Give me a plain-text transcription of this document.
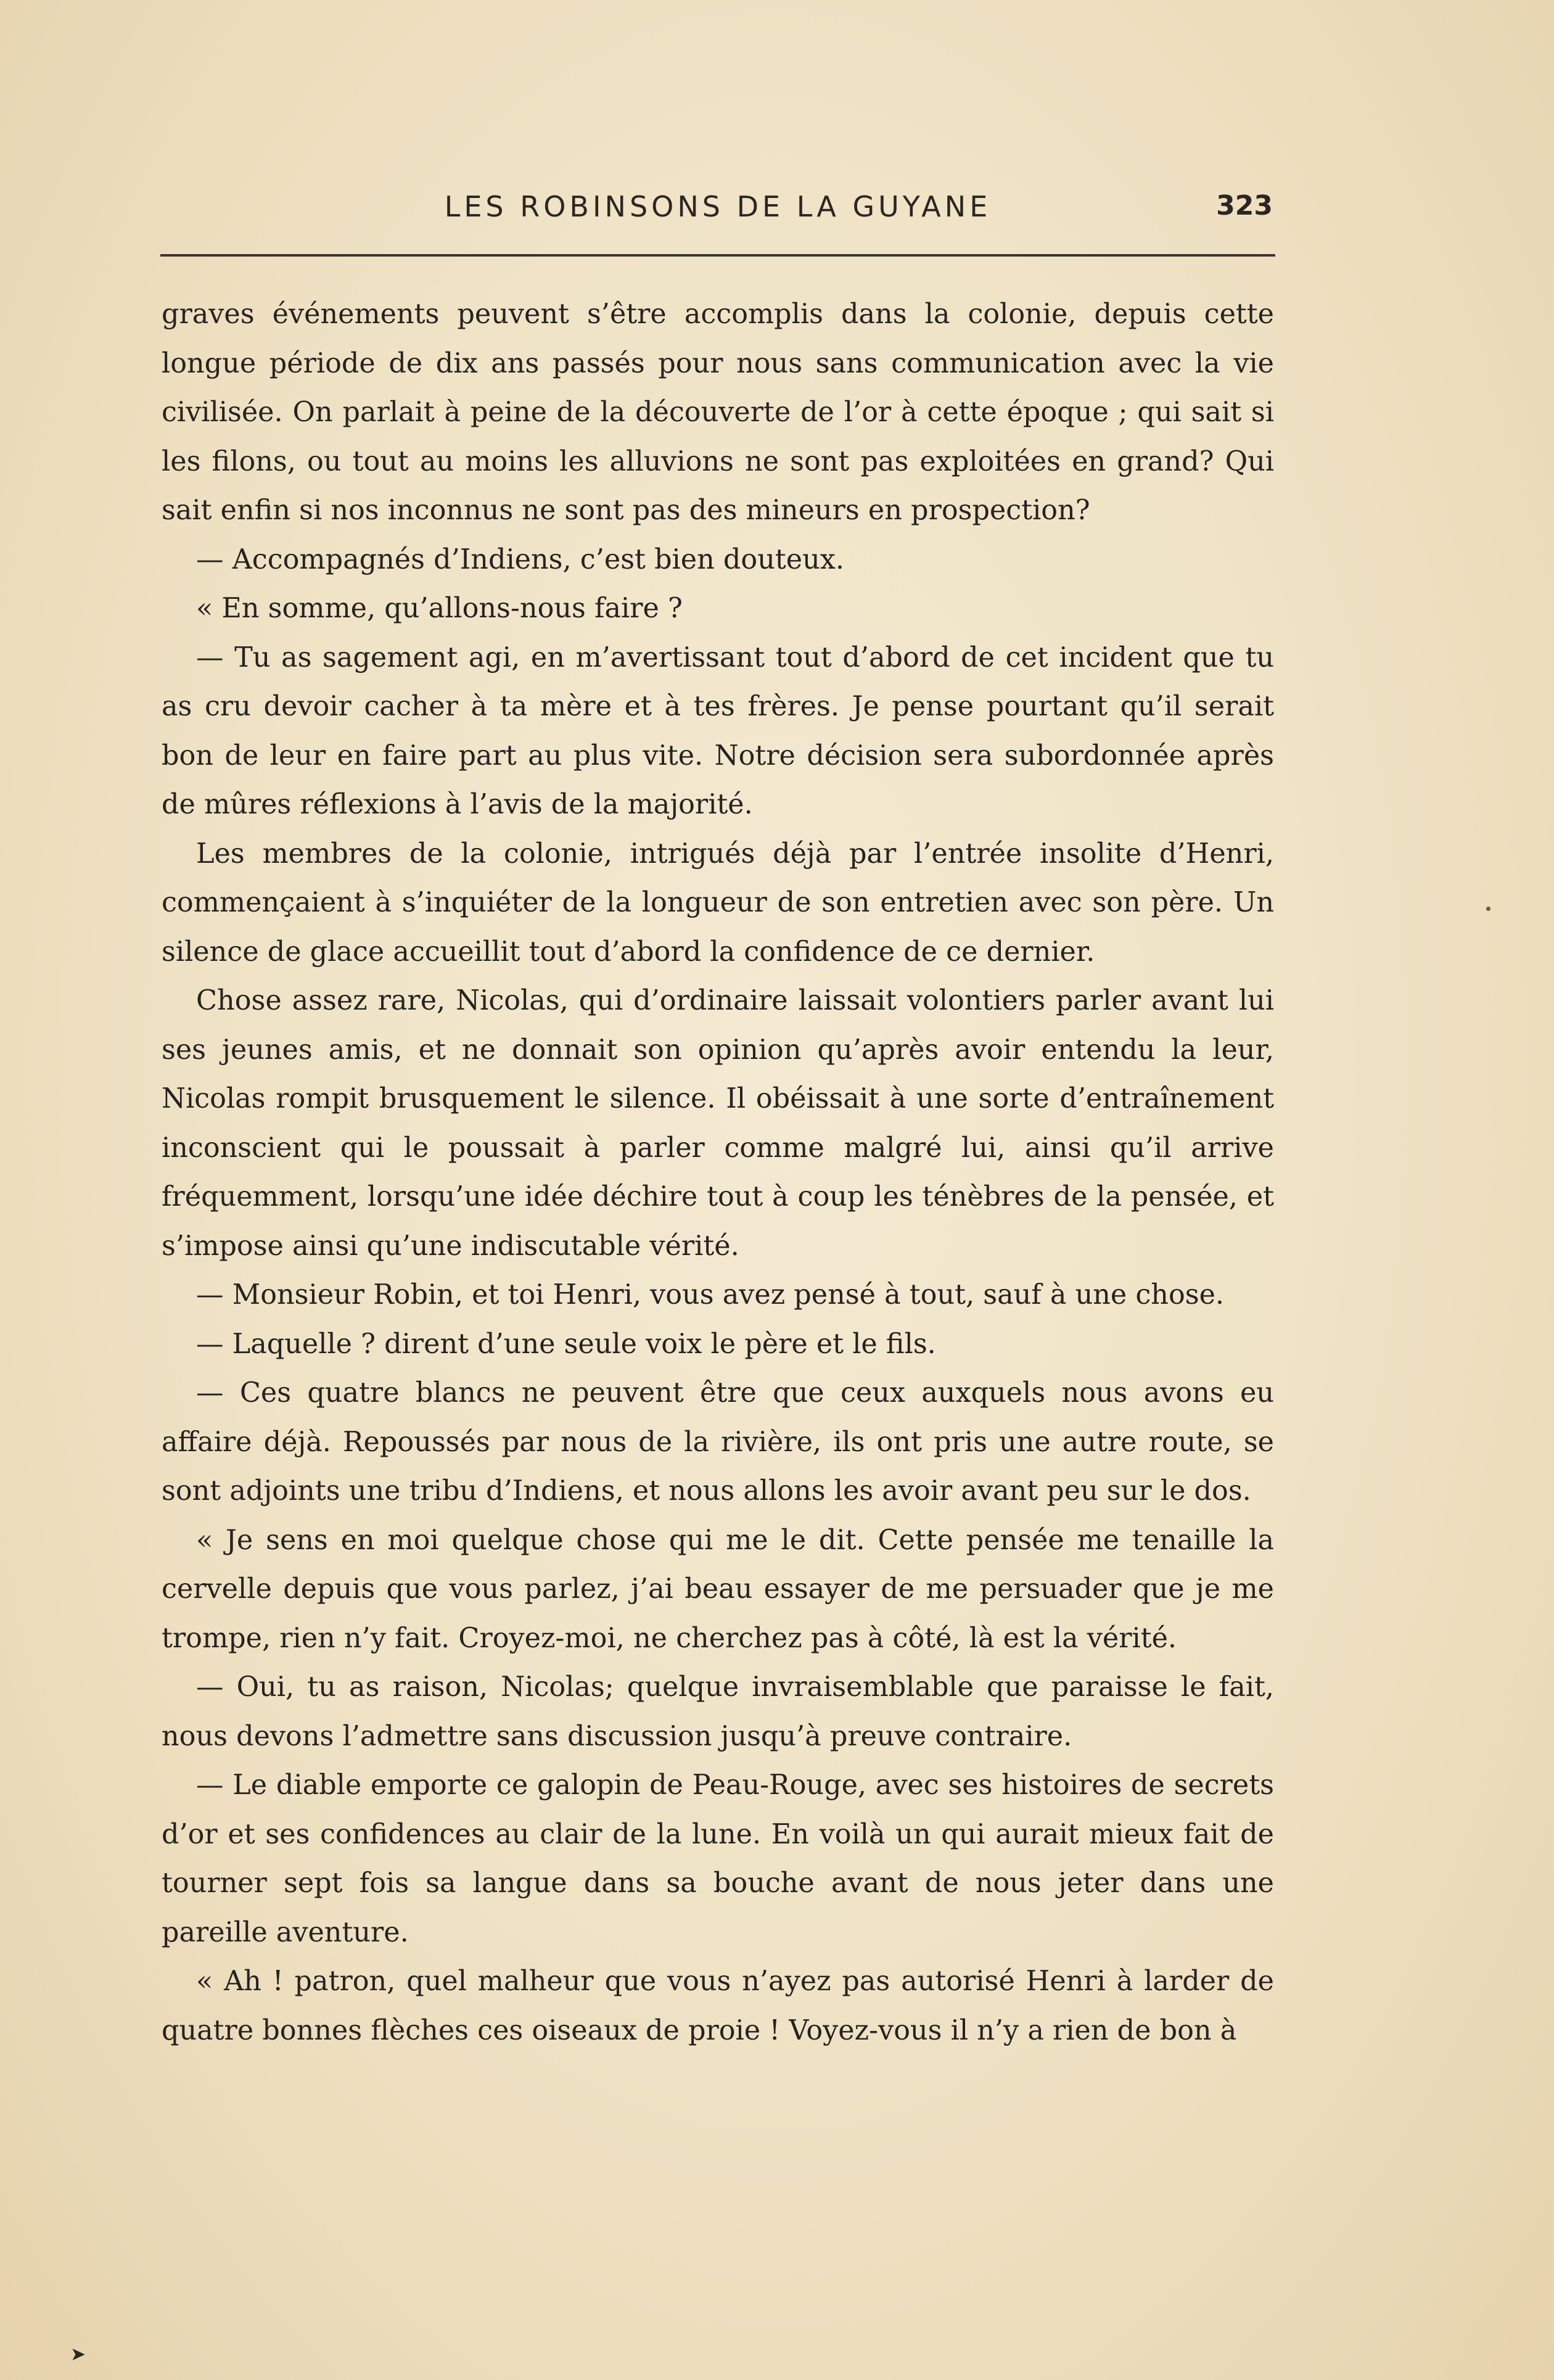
LES ROBINSONS DE LA GUYANE	323

graves événements peuvent s’être accomplis dans la colonie, depuis cette longue période de dix ans passés pour nous sans communication avec la vie civilisée. On parlait à peine de la découverte de l’or à cette époque ; qui sait si les filons, ou tout au moins les alluvions ne sont pas exploitées en grand? Qui sait enfin si nos inconnus ne sont pas des mineurs en prospection?

— Accompagnés d’Indiens, c’est bien douteux.

« En somme, qu’allons-nous faire ?

— Tu as sagement agi, en m’avertissant tout d’abord de cet incident que tu as cru devoir cacher à ta mère et à tes frères. Je pense pourtant qu’il serait bon de leur en faire part au plus vite. Notre décision sera subordonnée après de mûres réflexions à l’avis de la majorité.

Les membres de la colonie, intrigués déjà par l’entrée insolite d’Henri, commençaient à s’inquiéter de la longueur de son entretien avec son père. Un silence de glace accueillit tout d’abord la confidence de ce dernier.

Chose assez rare, Nicolas, qui d’ordinaire laissait volontiers parler avant lui ses jeunes amis, et ne donnait son opinion qu’après avoir entendu la leur, Nicolas rompit brusquement le silence. Il obéissait à une sorte d’entraînement inconscient qui le poussait à parler comme malgré lui, ainsi qu’il arrive fréquemment, lorsqu’une idée déchire tout à coup les ténèbres de la pensée, et s’impose ainsi qu’une indiscutable vérité.

— Monsieur Robin, et toi Henri, vous avez pensé à tout, sauf à une chose.

— Laquelle ? dirent d’une seule voix le père et le fils.

— Ces quatre blancs ne peuvent être que ceux auxquels nous avons eu affaire déjà. Repoussés par nous de la rivière, ils ont pris une autre route, se sont adjoints une tribu d’Indiens, et nous allons les avoir avant peu sur le dos.

« Je sens en moi quelque chose qui me le dit. Cette pensée me tenaille la cervelle depuis que vous parlez, j’ai beau essayer de me persuader que je me trompe, rien n’y fait. Croyez-moi, ne cherchez pas à côté, là est la vérité.

— Oui, tu as raison, Nicolas; quelque invraisemblable que paraisse le fait, nous devons l’admettre sans discussion jusqu’à preuve contraire.

— Le diable emporte ce galopin de Peau-Rouge, avec ses histoires de secrets d’or et ses confidences au clair de la lune. En voilà un qui aurait mieux fait de tourner sept fois sa langue dans sa bouche avant de nous jeter dans une pareille aventure.

« Ah ! patron, quel malheur que vous n’ayez pas autorisé Henri à larder de quatre bonnes flèches ces oiseaux de proie ! Voyez-vous il n’y a rien de bon à

➤
